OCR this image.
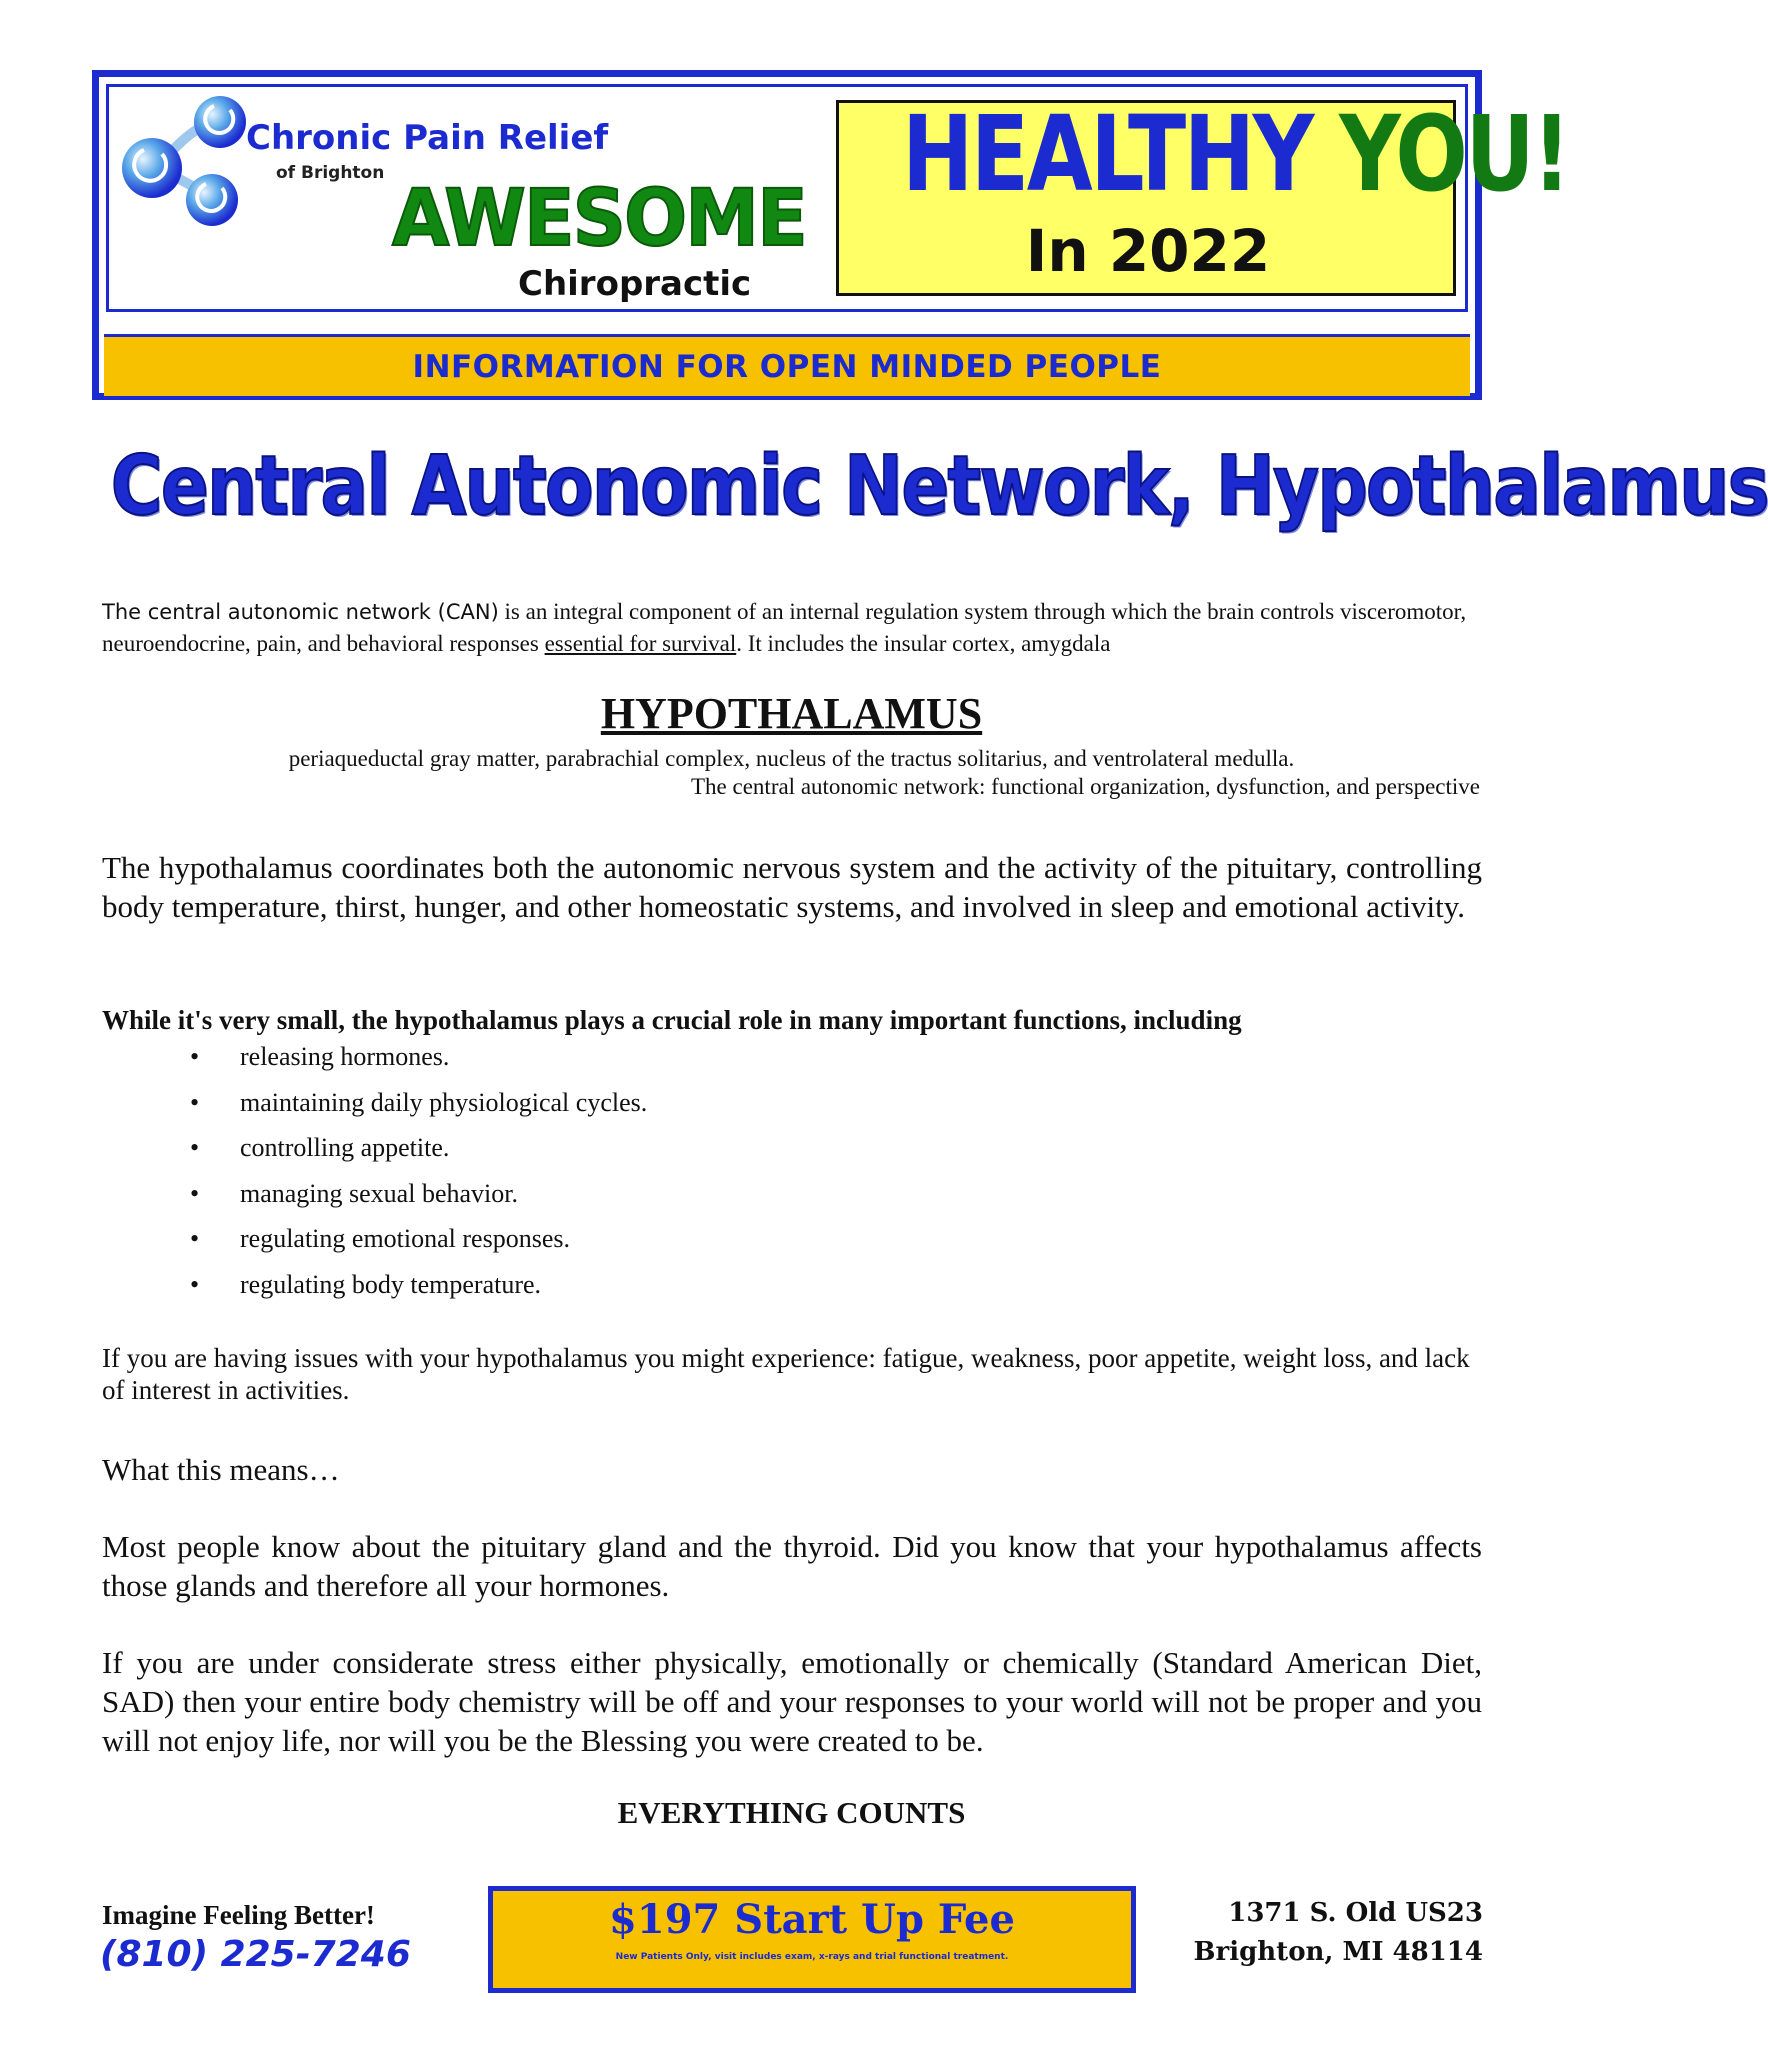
Chronic Pain Relief
of Brighton
AWESOME
Chiropractic
HEALTHY YOU!
In 2022
INFORMATION FOR OPEN MINDED PEOPLE
Central Autonomic Network, Hypothalamus
The central autonomic network (CAN) is an integral component of an internal regulation system through which the brain controls visceromotor, neuroendocrine, pain, and behavioral responses essential for survival. It includes the insular cortex, amygdala
HYPOTHALAMUS
periaqueductal gray matter, parabrachial complex, nucleus of the tractus solitarius, and ventrolateral medulla.
The central autonomic network: functional organization, dysfunction, and perspective
The hypothalamus coordinates both the autonomic nervous system and the activity of the pituitary, controlling body temperature, thirst, hunger, and other homeostatic systems, and involved in sleep and emotional activity.
While it's very small, the hypothalamus plays a crucial role in many important functions, including
• releasing hormones.
• maintaining daily physiological cycles.
• controlling appetite.
• managing sexual behavior.
• regulating emotional responses.
• regulating body temperature.
If you are having issues with your hypothalamus you might experience: fatigue, weakness, poor appetite, weight loss, and lack of interest in activities.
What this means…
Most people know about the pituitary gland and the thyroid. Did you know that your hypothalamus affects those glands and therefore all your hormones.
If you are under considerate stress either physically, emotionally or chemically (Standard American Diet, SAD) then your entire body chemistry will be off and your responses to your world will not be proper and you will not enjoy life, nor will you be the Blessing you were created to be.
EVERYTHING COUNTS
Imagine Feeling Better!
(810) 225-7246
$197 Start Up Fee
New Patients Only, visit includes exam, x-rays and trial functional treatment.
1371 S. Old US23
Brighton, MI 48114
